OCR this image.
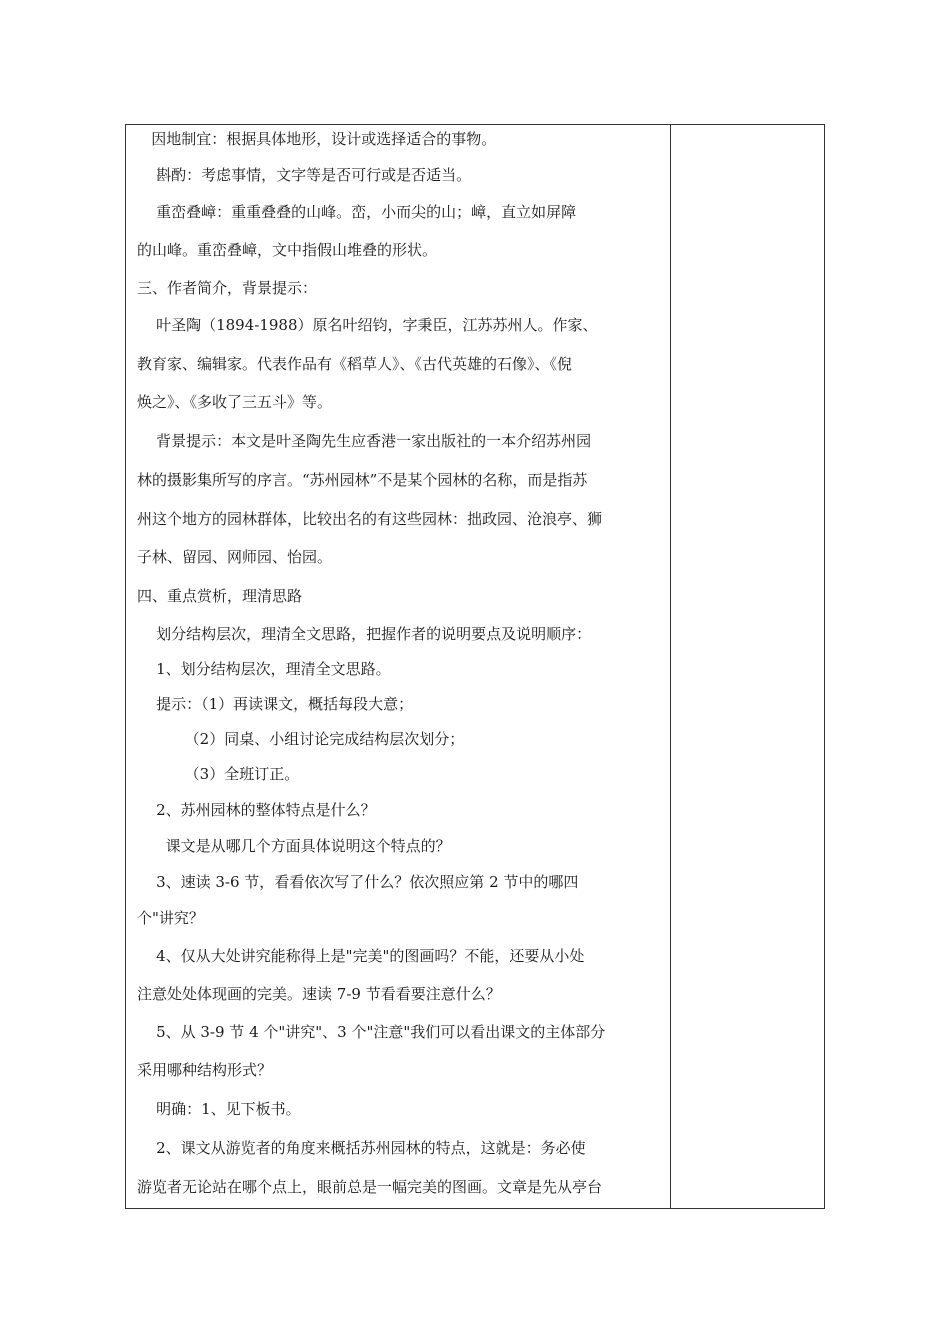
因地制宜：根据具体地形，设计或选择适合的事物。
斟酌：考虑事情，文字等是否可行或是否适当。
重峦叠嶂：重重叠叠的山峰。峦，小而尖的山；嶂，直立如屏障
的山峰。重峦叠嶂，文中指假山堆叠的形状。
三、作者简介，背景提示：
叶圣陶（1894-1988）原名叶绍钧，字秉臣，江苏苏州人。作家、
教育家、编辑家。代表作品有《稻草人》、《古代英雄的石像》、《倪
焕之》、《多收了三五斗》等。
背景提示：本文是叶圣陶先生应香港一家出版社的一本介绍苏州园
林的摄影集所写的序言。“苏州园林”不是某个园林的名称，而是指苏
州这个地方的园林群体，比较出名的有这些园林：拙政园、沧浪亭、狮
子林、留园、网师园、怡园。
四、重点赏析，理清思路
划分结构层次，理清全文思路，把握作者的说明要点及说明顺序：
1、划分结构层次，理清全文思路。
提示：（1）再读课文，概括每段大意；
（2）同桌、小组讨论完成结构层次划分；
（3）全班订正。
2、苏州园林的整体特点是什么？
课文是从哪几个方面具体说明这个特点的？
3、速读 3-6 节，看看依次写了什么？依次照应第 2 节中的哪四
个"讲究？
4、仅从大处讲究能称得上是"完美"的图画吗？不能，还要从小处
注意处处体现画的完美。速读 7-9 节看看要注意什么？
5、从 3-9 节 4 个"讲究"、3 个"注意"我们可以看出课文的主体部分
采用哪种结构形式？
明确：1、见下板书。
2、课文从游览者的角度来概括苏州园林的特点，这就是：务必使
游览者无论站在哪个点上，眼前总是一幅完美的图画。文章是先从亭台
